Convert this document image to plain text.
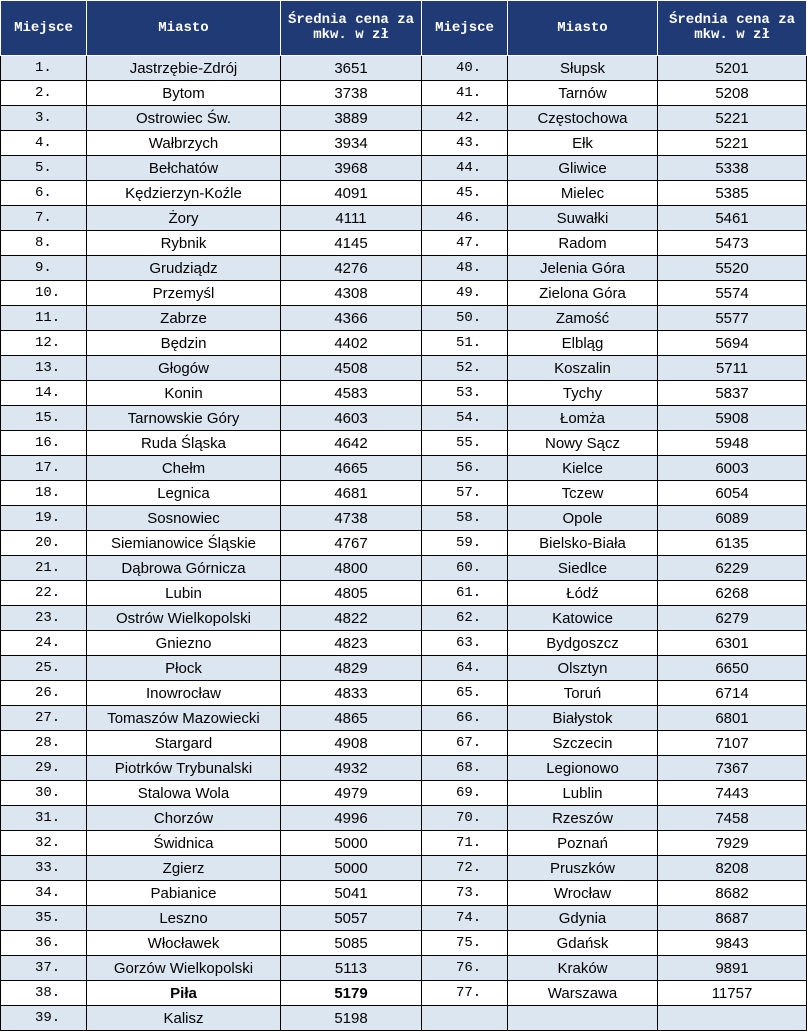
Miejsce	Miasto	Średnia cena za mkw. w zł	Miejsce	Miasto	Średnia cena za mkw. w zł
1.	Jastrzębie-Zdrój	3651	40.	Słupsk	5201
2.	Bytom	3738	41.	Tarnów	5208
3.	Ostrowiec Św.	3889	42.	Częstochowa	5221
4.	Wałbrzych	3934	43.	Ełk	5221
5.	Bełchatów	3968	44.	Gliwice	5338
6.	Kędzierzyn-Koźle	4091	45.	Mielec	5385
7.	Żory	4111	46.	Suwałki	5461
8.	Rybnik	4145	47.	Radom	5473
9.	Grudziądz	4276	48.	Jelenia Góra	5520
10.	Przemyśl	4308	49.	Zielona Góra	5574
11.	Zabrze	4366	50.	Zamość	5577
12.	Będzin	4402	51.	Elbląg	5694
13.	Głogów	4508	52.	Koszalin	5711
14.	Konin	4583	53.	Tychy	5837
15.	Tarnowskie Góry	4603	54.	Łomża	5908
16.	Ruda Śląska	4642	55.	Nowy Sącz	5948
17.	Chełm	4665	56.	Kielce	6003
18.	Legnica	4681	57.	Tczew	6054
19.	Sosnowiec	4738	58.	Opole	6089
20.	Siemianowice Śląskie	4767	59.	Bielsko-Biała	6135
21.	Dąbrowa Górnicza	4800	60.	Siedlce	6229
22.	Lubin	4805	61.	Łódź	6268
23.	Ostrów Wielkopolski	4822	62.	Katowice	6279
24.	Gniezno	4823	63.	Bydgoszcz	6301
25.	Płock	4829	64.	Olsztyn	6650
26.	Inowrocław	4833	65.	Toruń	6714
27.	Tomaszów Mazowiecki	4865	66.	Białystok	6801
28.	Stargard	4908	67.	Szczecin	7107
29.	Piotrków Trybunalski	4932	68.	Legionowo	7367
30.	Stalowa Wola	4979	69.	Lublin	7443
31.	Chorzów	4996	70.	Rzeszów	7458
32.	Świdnica	5000	71.	Poznań	7929
33.	Zgierz	5000	72.	Pruszków	8208
34.	Pabianice	5041	73.	Wrocław	8682
35.	Leszno	5057	74.	Gdynia	8687
36.	Włocławek	5085	75.	Gdańsk	9843
37.	Gorzów Wielkopolski	5113	76.	Kraków	9891
38.	Piła	5179	77.	Warszawa	11757
39.	Kalisz	5198			
